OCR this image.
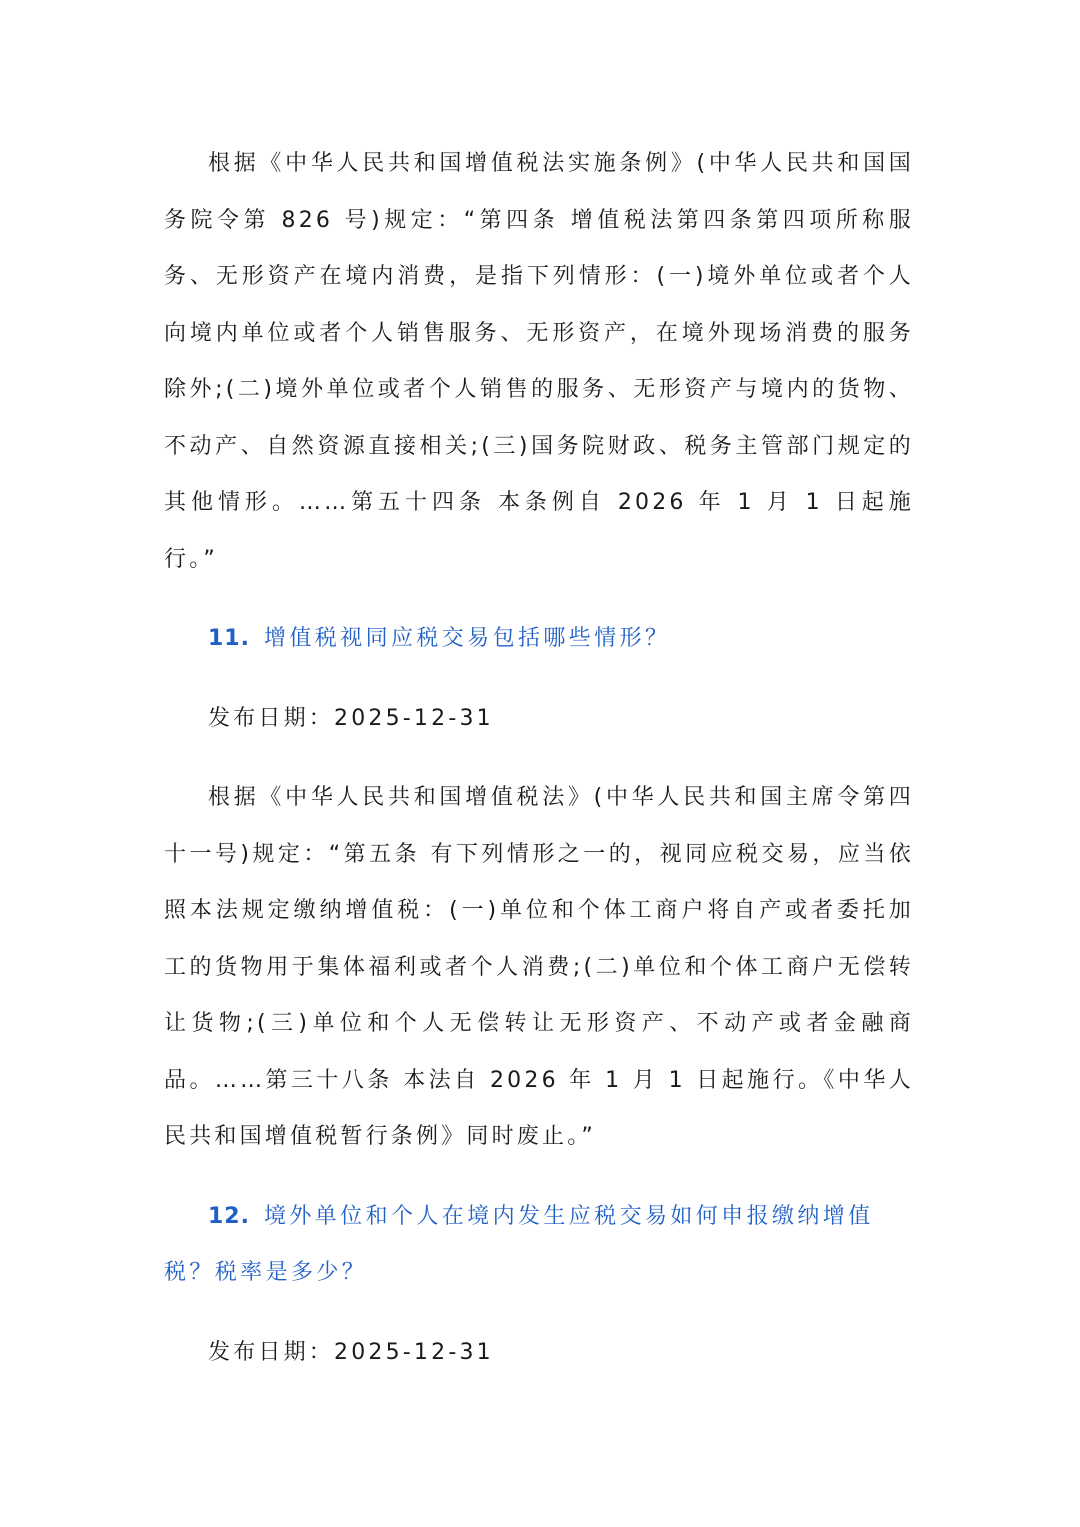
根据《中华人民共和国增值税法实施条例》(中华人民共和国国务院令第 826 号)规定：“第四条 增值税法第四条第四项所称服务、无形资产在境内消费，是指下列情形：(一)境外单位或者个人向境内单位或者个人销售服务、无形资产，在境外现场消费的服务除外;(二)境外单位或者个人销售的服务、无形资产与境内的货物、不动产、自然资源直接相关;(三)国务院财政、税务主管部门规定的其他情形。……第五十四条 本条例自 2026 年 1 月 1 日起施行。”

11. 增值税视同应税交易包括哪些情形？

发布日期：2025-12-31

根据《中华人民共和国增值税法》(中华人民共和国主席令第四十一号)规定：“第五条 有下列情形之一的，视同应税交易，应当依照本法规定缴纳增值税：(一)单位和个体工商户将自产或者委托加工的货物用于集体福利或者个人消费;(二)单位和个体工商户无偿转让货物;(三)单位和个人无偿转让无形资产、不动产或者金融商品。……第三十八条 本法自 2026 年 1 月 1 日起施行。《中华人民共和国增值税暂行条例》同时废止。”

12. 境外单位和个人在境内发生应税交易如何申报缴纳增值税？税率是多少？

发布日期：2025-12-31
